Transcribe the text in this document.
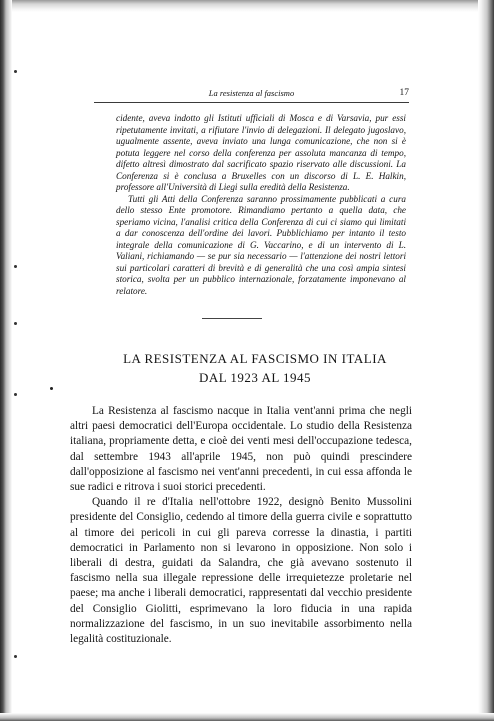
La resistenza al fascismo	17

cidente, aveva indotto gli Istituti ufficiali di Mosca e di Varsavia, pur essi ripetutamente invitati, a rifiutare l'invio di delegazioni. Il delegato jugoslavo, ugualmente assente, aveva inviato una lunga comunicazione, che non si è potuta leggere nel corso della conferenza per assoluta mancanza di tempo, difetto altresì dimostrato dal sacrificato spazio riservato alle discussioni. La Conferenza si è conclusa a Bruxelles con un discorso di L. E. Halkin, professore all'Università di Liegi sulla eredità della Resistenza.

Tutti gli Atti della Conferenza saranno prossimamente pubblicati a cura dello stesso Ente promotore. Rimandiamo pertanto a quella data, che speriamo vicina, l'analisi critica della Conferenza di cui ci siamo qui limitati a dar conoscenza dell'ordine dei lavori. Pubblichiamo per intanto il testo integrale della comunicazione di G. Vaccarino, e di un intervento di L. Valiani, richiamando — se pur sia necessario — l'attenzione dei nostri lettori sui particolari caratteri di brevità e di generalità che una così ampia sintesi storica, svolta per un pubblico internazionale, forzatamente imponevano al relatore.

LA RESISTENZA AL FASCISMO IN ITALIA
DAL 1923 AL 1945

La Resistenza al fascismo nacque in Italia vent'anni prima che negli altri paesi democratici dell'Europa occidentale. Lo studio della Resistenza italiana, propriamente detta, e cioè dei venti mesi dell'occupazione tedesca, dal settembre 1943 all'aprile 1945, non può quindi prescindere dall'opposizione al fascismo nei vent'anni precedenti, in cui essa affonda le sue radici e ritrova i suoi storici precedenti.

Quando il re d'Italia nell'ottobre 1922, designò Benito Mussolini presidente del Consiglio, cedendo al timore della guerra civile e soprattutto al timore dei pericoli in cui gli pareva corresse la dinastia, i partiti democratici in Parlamento non si levarono in opposizione. Non solo i liberali di destra, guidati da Salandra, che già avevano sostenuto il fascismo nella sua illegale repressione delle irrequietezze proletarie nel paese; ma anche i liberali democratici, rappresentati dal vecchio presidente del Consiglio Giolitti, esprimevano la loro fiducia in una rapida normalizzazione del fascismo, in un suo inevitabile assorbimento nella legalità costituzionale.
